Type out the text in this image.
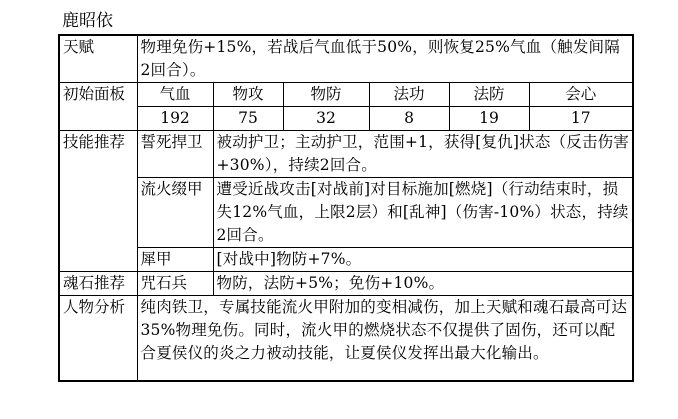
鹿昭依
天赋	物理免伤+15%，若战后气血低于50%，则恢复25%气血（触发间隔2回合）。					
初始面板	气血	物攻	物防	法功	法防	会心
	192	75	32	8	19	17
技能推荐	誓死捍卫	被动护卫；主动护卫，范围+1，获得[复仇]状态（反击伤害+30%），持续2回合。				
	流火缀甲	遭受近战攻击[对战前]对目标施加[燃烧]（行动结束时，损失12%气血，上限2层）和[乱神]（伤害-10%）状态，持续2回合。				
	犀甲	[对战中]物防+7%。				
魂石推荐	咒石兵	物防，法防+5%；免伤+10%。				
人物分析	纯肉铁卫，专属技能流火甲附加的变相减伤，加上天赋和魂石最高可达35%物理免伤。同时，流火甲的燃烧状态不仅提供了固伤，还可以配合夏侯仪的炎之力被动技能，让夏侯仪发挥出最大化输出。					
